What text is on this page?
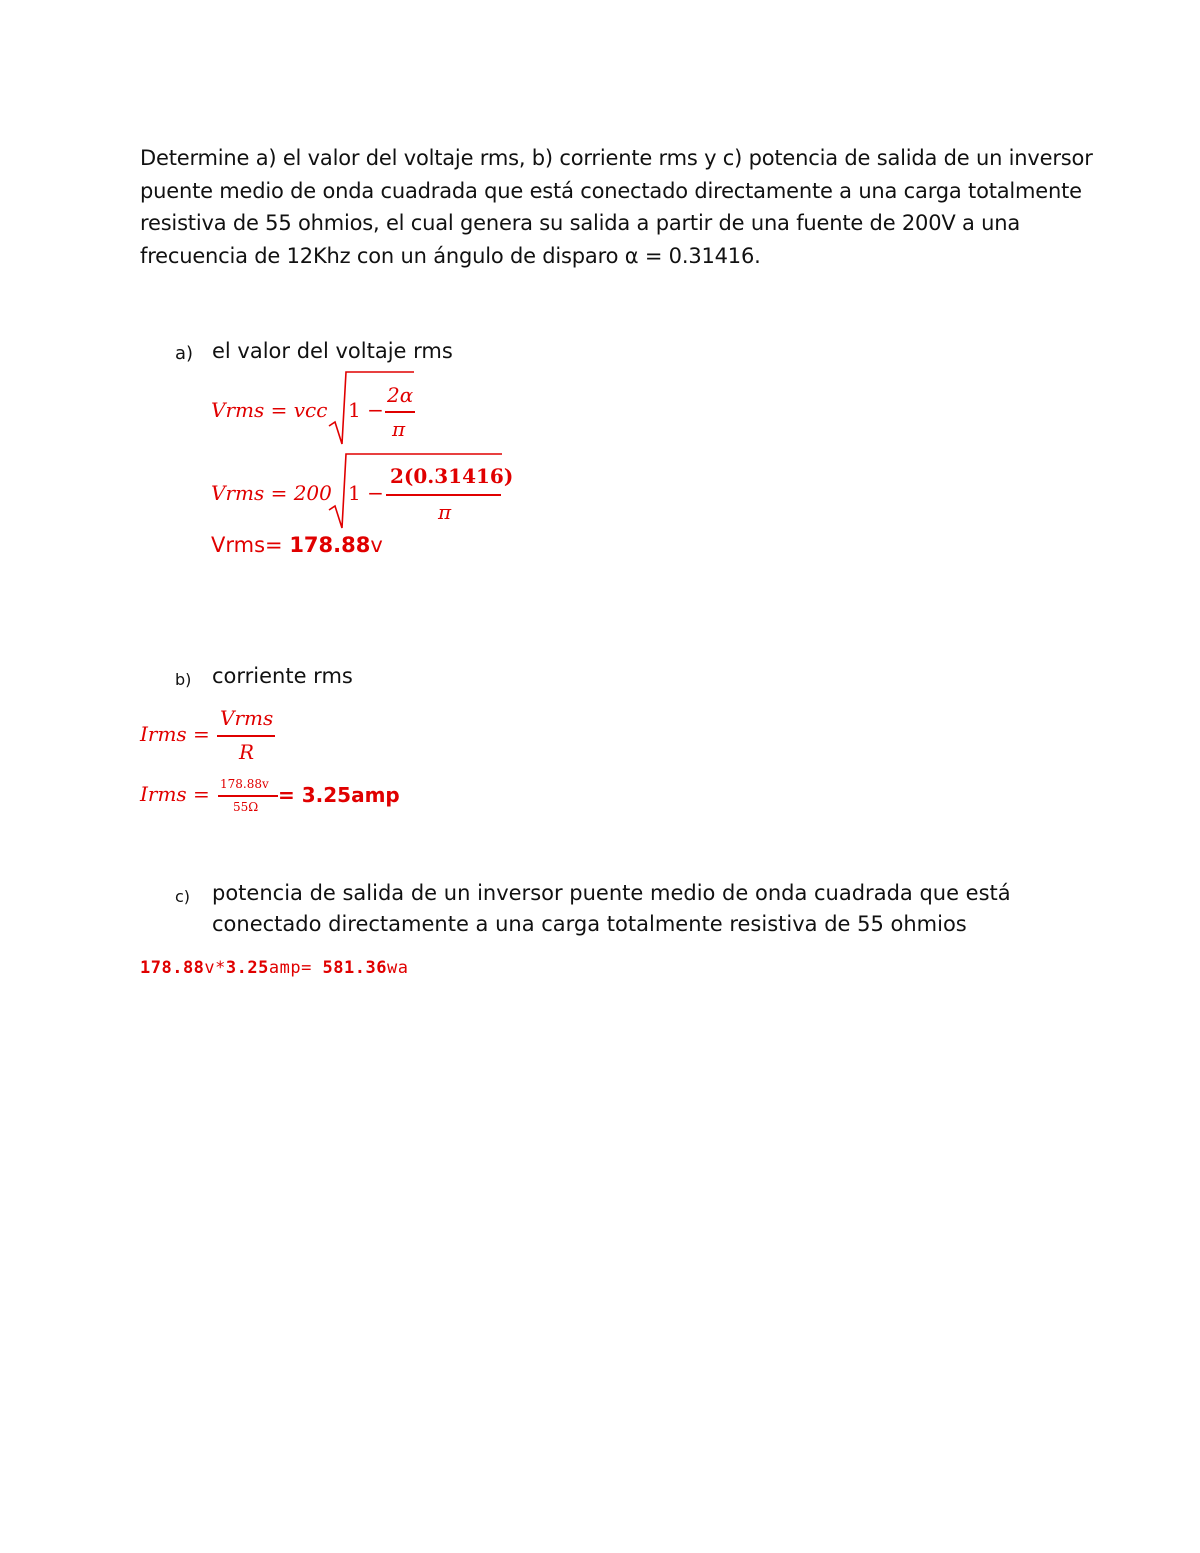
Determine a) el valor del voltaje rms, b) corriente rms y c) potencia de salida de un inversor
puente medio de onda cuadrada que está conectado directamente a una carga totalmente
resistiva de 55 ohmios, el cual genera su salida a partir de una fuente de 200V a una
frecuencia de 12Khz con un ángulo de disparo α = 0.31416.
a) el valor del voltaje rms
Vrms = vcc 1 −
2α
π
Vrms = 200 1 −
2(0.31416)
π
Vrms= 178.88v
b) corriente rms
Irms =
Vrms
R
Irms = 178.88v
55Ω = 3.25amp
c) potencia de salida de un inversor puente medio de onda cuadrada que está
conectado directamente a una carga totalmente resistiva de 55 ohmios
178.88v*3.25amp= 581.36wa
